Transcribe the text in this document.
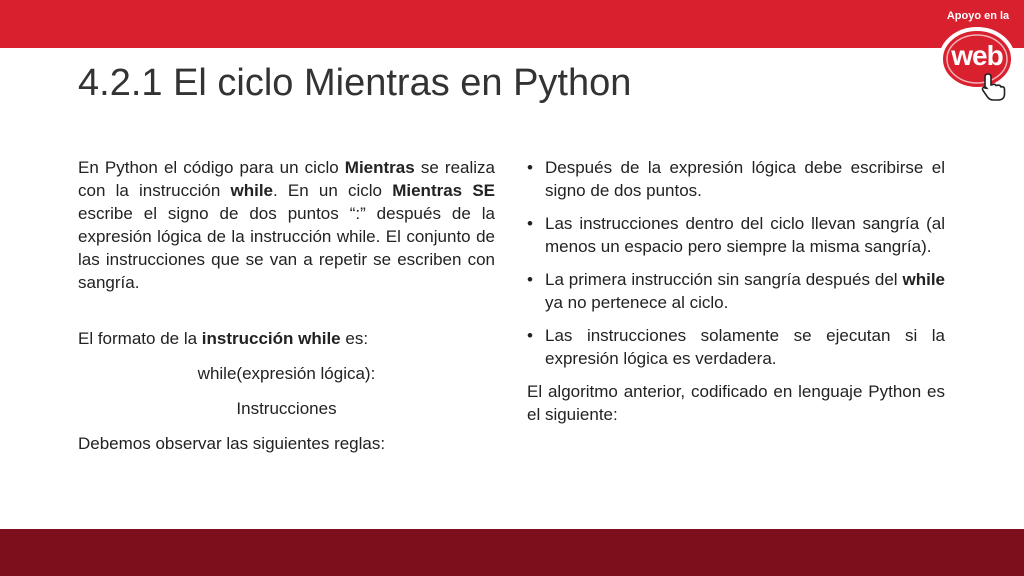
Apoyo en la
web
4.2.1 El ciclo Mientras en Python

En Python el código para un ciclo Mientras se realiza con la instrucción while. En un ciclo Mientras SE escribe el signo de dos puntos “:” después de la expresión lógica de la instrucción while. El conjunto de las instrucciones que se van a repetir se escriben con sangría.

El formato de la instrucción while es:

while(expresión lógica):

Instrucciones

Debemos observar las siguientes reglas:

• Después de la expresión lógica debe escribirse el signo de dos puntos.
• Las instrucciones dentro del ciclo llevan sangría (al menos un espacio pero siempre la misma sangría).
• La primera instrucción sin sangría después del while ya no pertenece al ciclo.
• Las instrucciones solamente se ejecutan si la expresión lógica es verdadera.

El algoritmo anterior, codificado en lenguaje Python es el siguiente:
